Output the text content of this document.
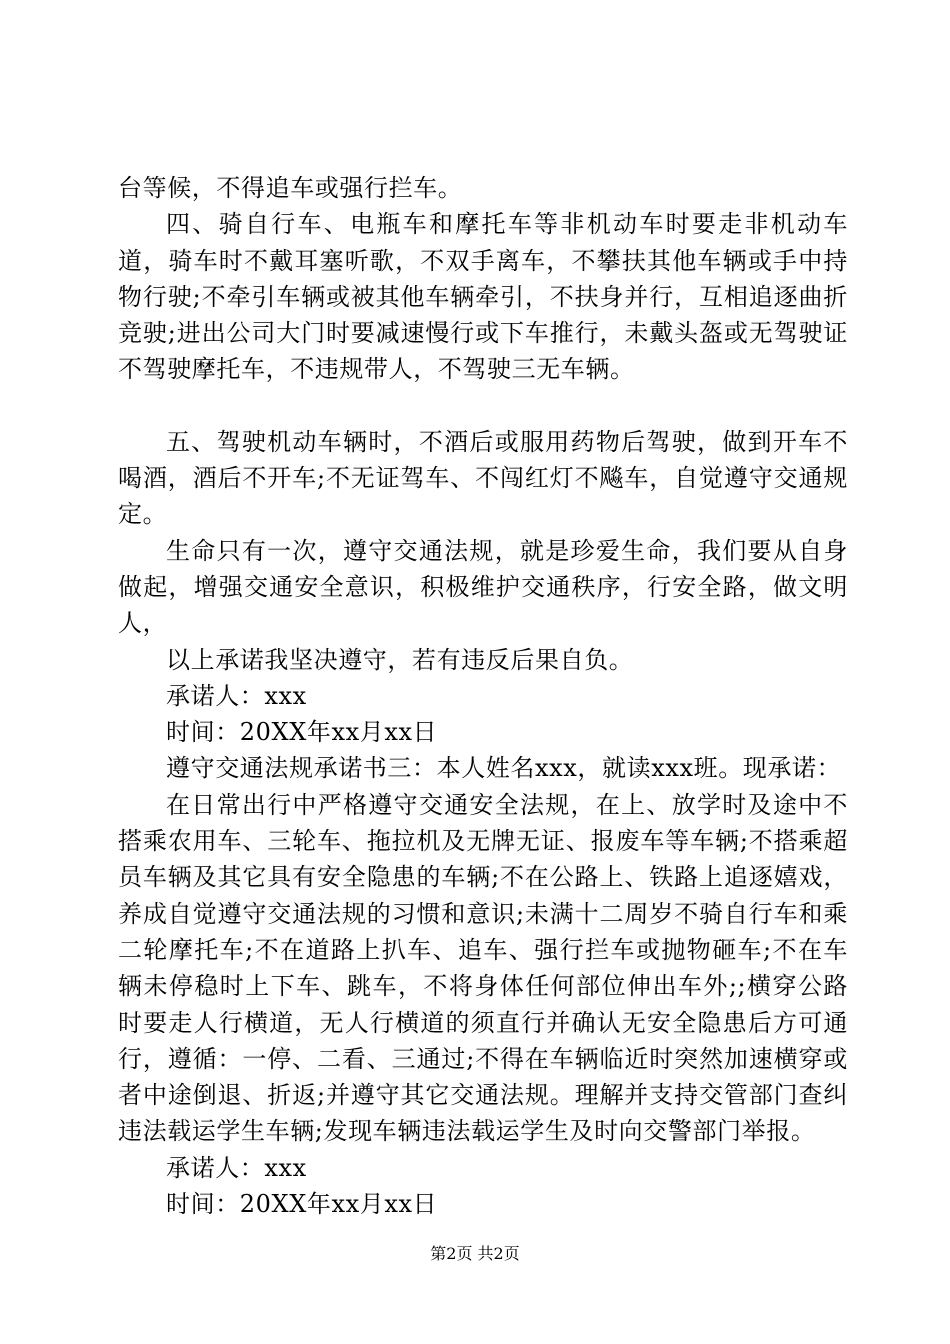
台等候，不得追车或强行拦车。

四、骑自行车、电瓶车和摩托车等非机动车时要走非机动车道，骑车时不戴耳塞听歌，不双手离车，不攀扶其他车辆或手中持物行驶;不牵引车辆或被其他车辆牵引，不扶身并行，互相追逐曲折竞驶;进出公司大门时要减速慢行或下车推行，未戴头盔或无驾驶证不驾驶摩托车，不违规带人，不驾驶三无车辆。

五、驾驶机动车辆时，不酒后或服用药物后驾驶，做到开车不喝酒，酒后不开车;不无证驾车、不闯红灯不飚车，自觉遵守交通规定。

生命只有一次，遵守交通法规，就是珍爱生命，我们要从自身做起，增强交通安全意识，积极维护交通秩序，行安全路，做文明人，

以上承诺我坚决遵守，若有违反后果自负。

承诺人：xxx

时间：20XX年xx月xx日

遵守交通法规承诺书三：本人姓名xxx，就读xxx班。现承诺：

在日常出行中严格遵守交通安全法规，在上、放学时及途中不搭乘农用车、三轮车、拖拉机及无牌无证、报废车等车辆;不搭乘超员车辆及其它具有安全隐患的车辆;不在公路上、铁路上追逐嬉戏，养成自觉遵守交通法规的习惯和意识;未满十二周岁不骑自行车和乘二轮摩托车;不在道路上扒车、追车、强行拦车或抛物砸车;不在车辆未停稳时上下车、跳车，不将身体任何部位伸出车外;;横穿公路时要走人行横道，无人行横道的须直行并确认无安全隐患后方可通行，遵循：一停、二看、三通过;不得在车辆临近时突然加速横穿或者中途倒退、折返;并遵守其它交通法规。理解并支持交管部门查纠违法载运学生车辆;发现车辆违法载运学生及时向交警部门举报。

承诺人：xxx

时间：20XX年xx月xx日

第2页 共2页
